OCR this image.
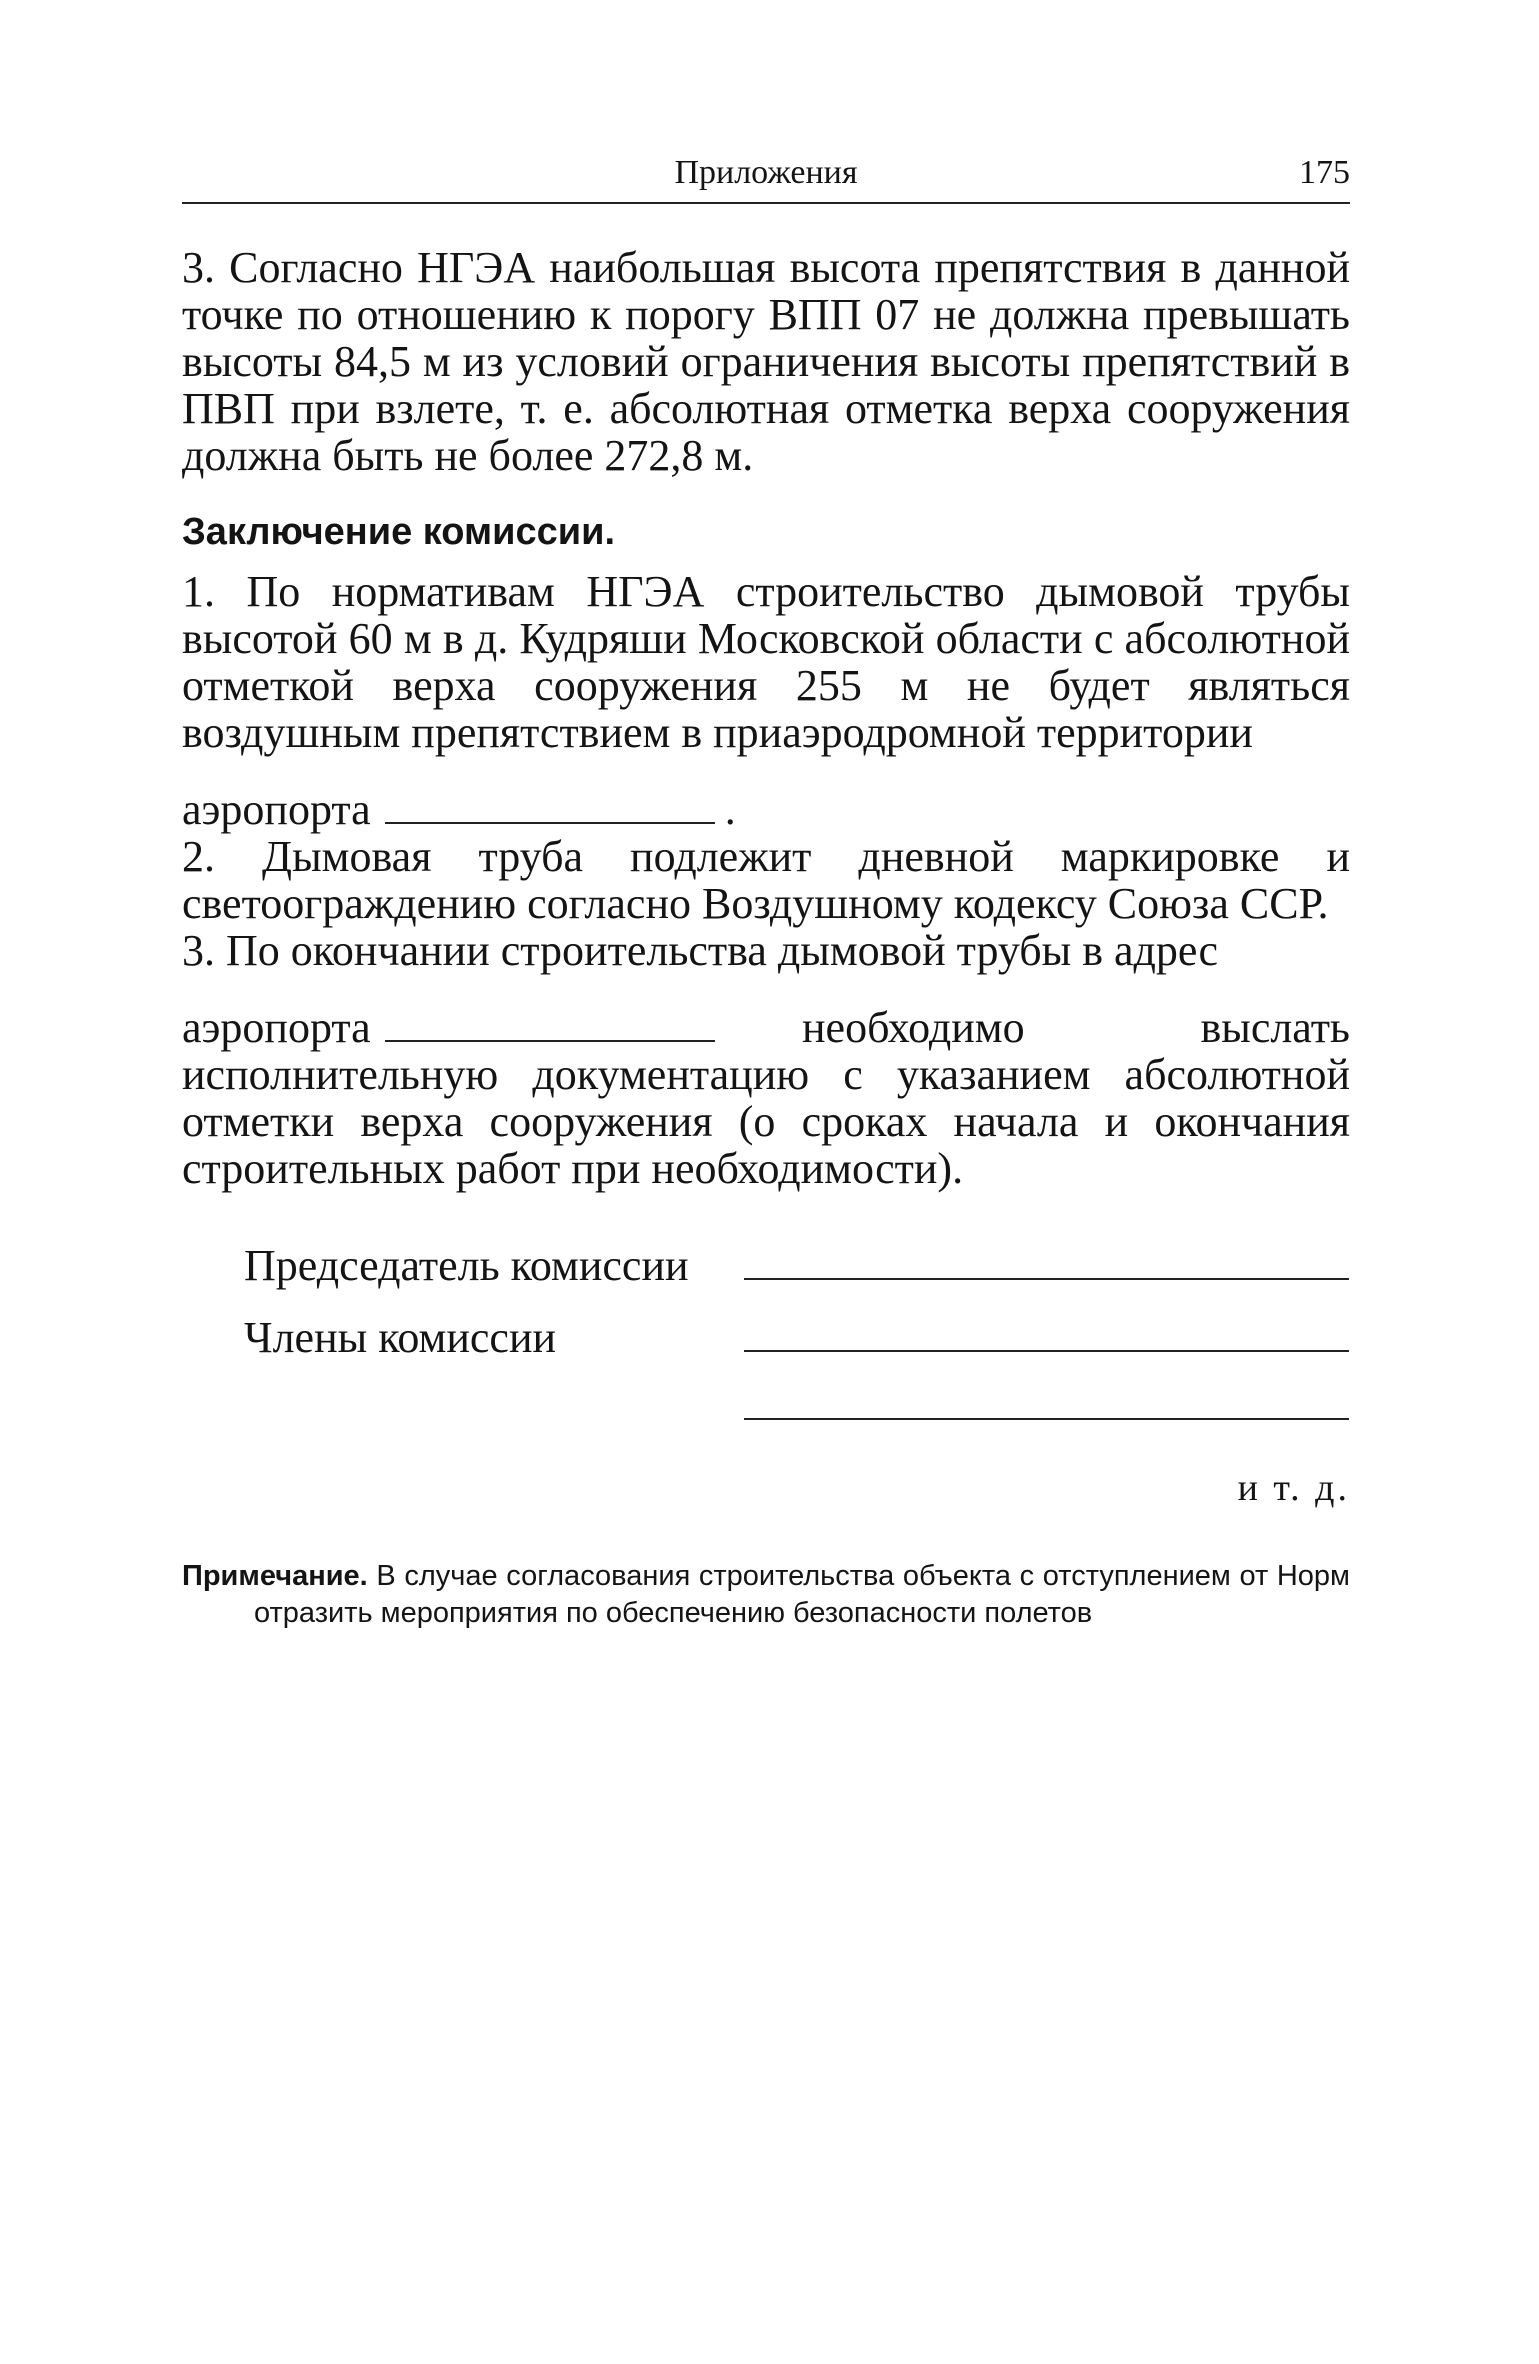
Приложения	175

3. Согласно НГЭА наибольшая высота препятствия в данной точке по отношению к порогу ВПП 07 не должна превышать высоты 84,5 м из условий ограничения высоты препятствий в ПВП при взлете, т. е. абсолютная отметка верха сооружения должна быть не более 272,8 м.

Заключение комиссии.

1. По нормативам НГЭА строительство дымовой трубы высотой 60 м в д. Кудряши Московской области с абсолютной отметкой верха сооружения 255 м не будет являться воздушным препятствием в приаэродромной территории

аэропорта	.

2. Дымовая труба подлежит дневной маркировке и светоограждению согласно Воздушному кодексу Союза ССР.

3. По окончании строительства дымовой трубы в адрес

аэропорта	необходимо выслать исполнительную документацию с указанием абсолютной отметки верха сооружения (о сроках начала и окончания строительных работ при необходимости).

Председатель комиссии
Члены комиссии
и т. д.
Примечание. В случае согласования строительства объекта с отступлением от Норм отразить мероприятия по обеспечению безопасности полетов
